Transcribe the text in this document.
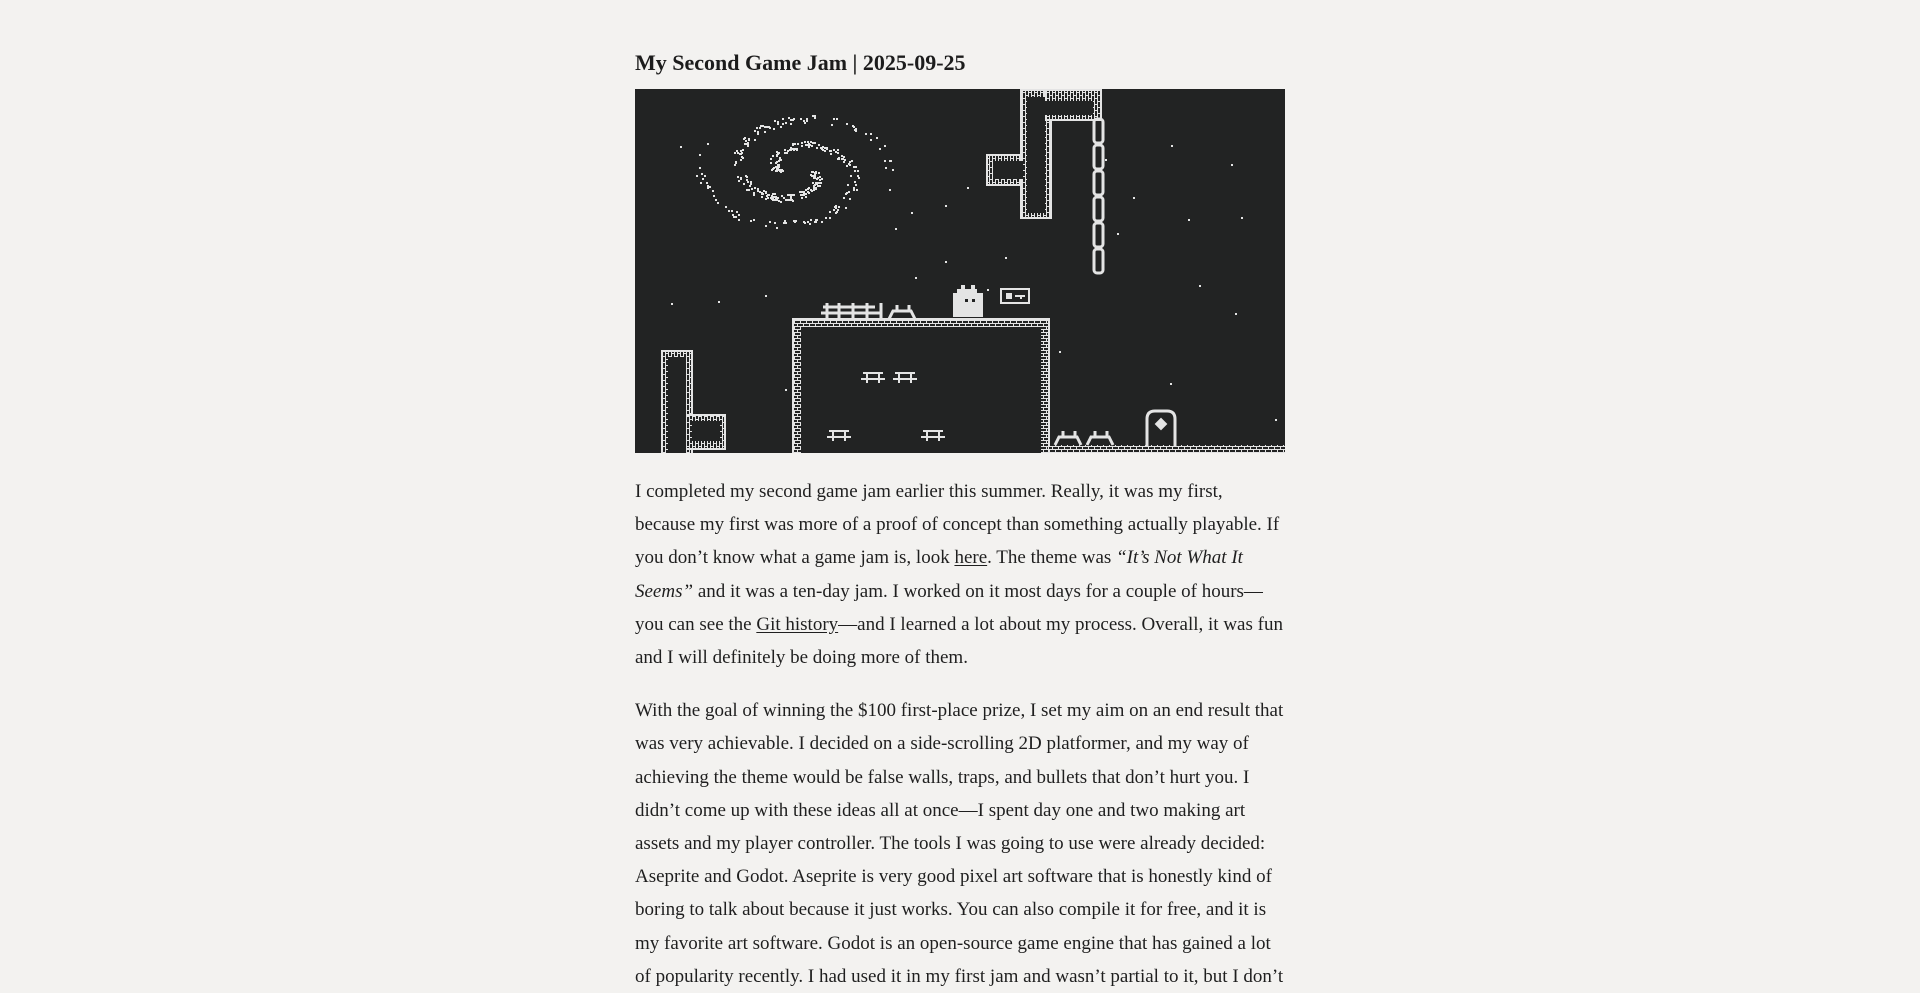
My Second Game Jam | 2025-09-25

I completed my second game jam earlier this summer. Really, it was my first, because my first was more of a proof of concept than something actually playable. If you don’t know what a game jam is, look here. The theme was “It’s Not What It Seems” and it was a ten-day jam. I worked on it most days for a couple of hours—you can see the Git history—and I learned a lot about my process. Overall, it was fun and I will definitely be doing more of them.

With the goal of winning the $100 first-place prize, I set my aim on an end result that was very achievable. I decided on a side-scrolling 2D platformer, and my way of achieving the theme would be false walls, traps, and bullets that don’t hurt you. I didn’t come up with these ideas all at once—I spent day one and two making art assets and my player controller. The tools I was going to use were already decided: Aseprite and Godot. Aseprite is very good pixel art software that is honestly kind of boring to talk about because it just works. You can also compile it for free, and it is my favorite art software. Godot is an open-source game engine that has gained a lot of popularity recently. I had used it in my first jam and wasn’t partial to it, but I don’t
